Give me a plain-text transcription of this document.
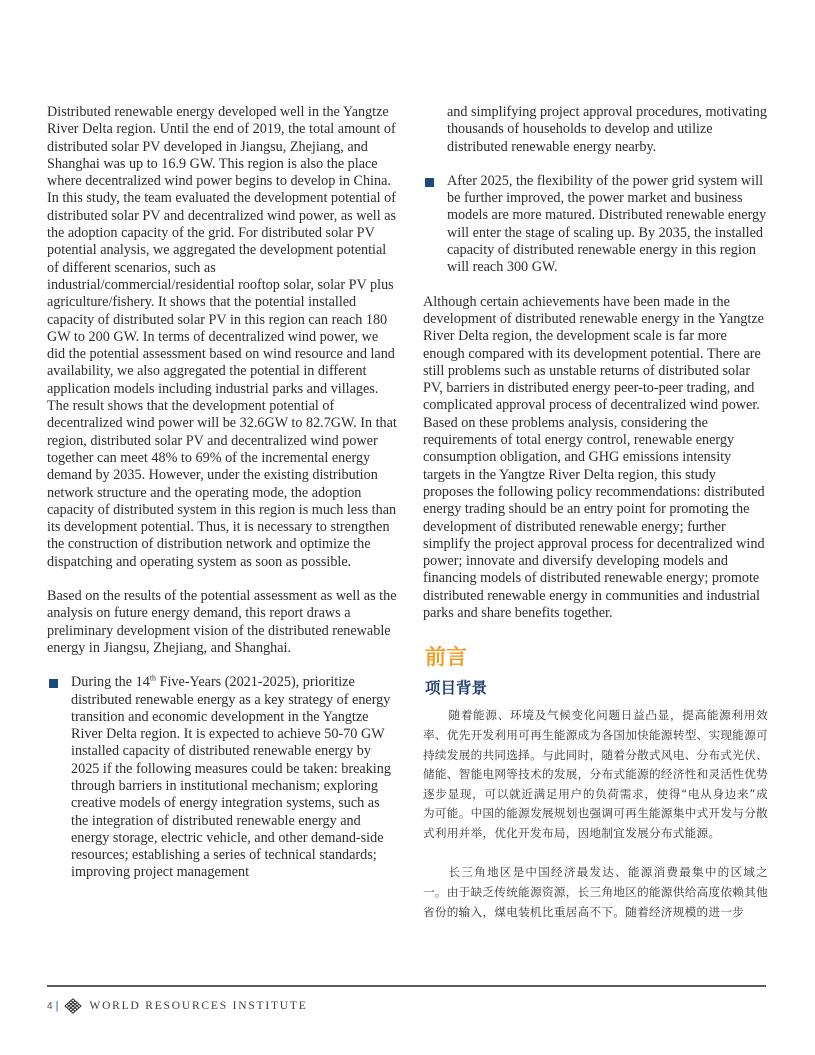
Distributed renewable energy developed well in the Yangtze River Delta region. Until the end of 2019, the total amount of distributed solar PV developed in Jiangsu, Zhejiang, and Shanghai was up to 16.9 GW. This region is also the place where decentralized wind power begins to develop in China. In this study, the team evaluated the development potential of distributed solar PV and decentralized wind power, as well as the adoption capacity of the grid. For distributed solar PV potential analysis, we aggregated the development potential of different scenarios, such as industrial/commercial/residential rooftop solar, solar PV plus agriculture/fishery. It shows that the potential installed capacity of distributed solar PV in this region can reach 180 GW to 200 GW. In terms of decentralized wind power, we did the potential assessment based on wind resource and land availability, we also aggregated the potential in different application models including industrial parks and villages. The result shows that the development potential of decentralized wind power will be 32.6GW to 82.7GW. In that region, distributed solar PV and decentralized wind power together can meet 48% to 69% of the incremental energy demand by 2035. However, under the existing distribution network structure and the operating mode, the adoption capacity of distributed system in this region is much less than its development potential. Thus, it is necessary to strengthen the construction of distribution network and optimize the dispatching and operating system as soon as possible.

Based on the results of the potential assessment as well as the analysis on future energy demand, this report draws a preliminary development vision of the distributed renewable energy in Jiangsu, Zhejiang, and Shanghai.

During the 14th Five-Years (2021-2025), prioritize distributed renewable energy as a key strategy of energy transition and economic development in the Yangtze River Delta region. It is expected to achieve 50-70 GW installed capacity of distributed renewable energy by 2025 if the following measures could be taken: breaking through barriers in institutional mechanism; exploring creative models of energy integration systems, such as the integration of distributed renewable energy and energy storage, electric vehicle, and other demand-side resources; establishing a series of technical standards; improving project management

and simplifying project approval procedures, motivating thousands of households to develop and utilize distributed renewable energy nearby.

After 2025, the flexibility of the power grid system will be further improved, the power market and business models are more matured. Distributed renewable energy will enter the stage of scaling up. By 2035, the installed capacity of distributed renewable energy in this region will reach 300 GW.

Although certain achievements have been made in the development of distributed renewable energy in the Yangtze River Delta region, the development scale is far more enough compared with its development potential. There are still problems such as unstable returns of distributed solar PV, barriers in distributed energy peer-to-peer trading, and complicated approval process of decentralized wind power. Based on these problems analysis, considering the requirements of total energy control, renewable energy consumption obligation, and GHG emissions intensity targets in the Yangtze River Delta region, this study proposes the following policy recommendations: distributed energy trading should be an entry point for promoting the development of distributed renewable energy; further simplify the project approval process for decentralized wind power; innovate and diversify developing models and financing models of distributed renewable energy; promote distributed renewable energy in communities and industrial parks and share benefits together.

前言
项目背景

随着能源、环境及气候变化问题日益凸显，提高能源利用效率、优先开发利用可再生能源成为各国加快能源转型、实现能源可持续发展的共同选择。与此同时，随着分散式风电、分布式光伏、储能、智能电网等技术的发展，分布式能源的经济性和灵活性优势逐步显现，可以就近满足用户的负荷需求，使得“电从身边来”成为可能。中国的能源发展规划也强调可再生能源集中式开发与分散式利用并举，优化开发布局，因地制宜发展分布式能源。

长三角地区是中国经济最发达、能源消费最集中的区域之一。由于缺乏传统能源资源，长三角地区的能源供给高度依赖其他省份的输入，煤电装机比重居高不下。随着经济规模的进一步

4 |	WORLD RESOURCES INSTITUTE
